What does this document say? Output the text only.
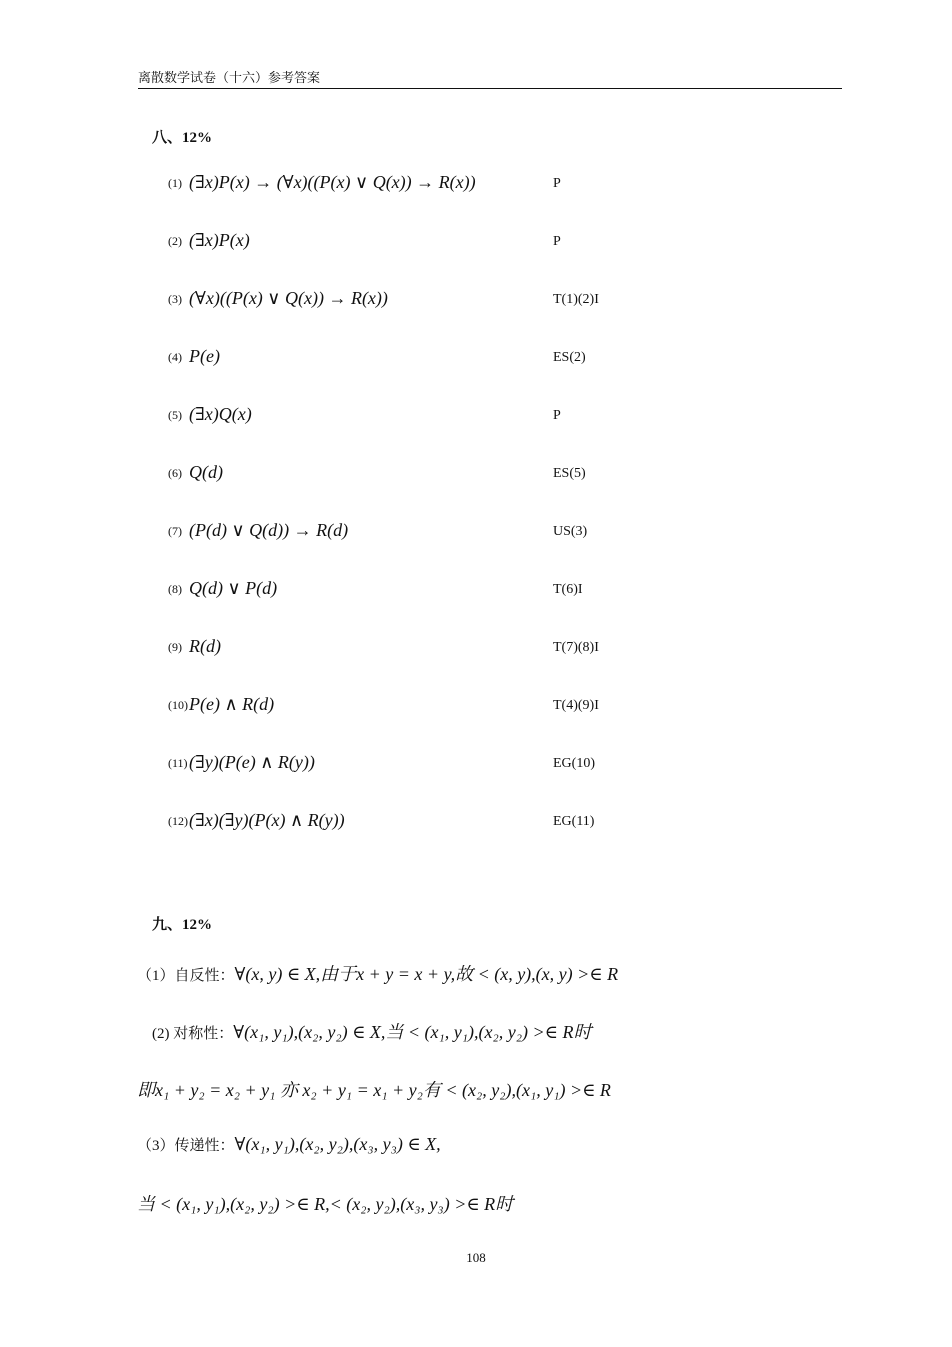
离散数学试卷（十六）参考答案
八、12%
(1) (∃x)P(x) → (∀x)((P(x) ∨ Q(x)) → R(x))	P
(2) (∃x)P(x)	P
(3) (∀x)((P(x) ∨ Q(x)) → R(x))	T(1)(2)I
(4) P(e)	ES(2)
(5) (∃x)Q(x)	P
(6) Q(d)	ES(5)
(7) (P(d) ∨ Q(d)) → R(d)	US(3)
(8) Q(d) ∨ P(d)	T(6)I
(9) R(d)	T(7)(8)I
(10) P(e) ∧ R(d)	T(4)(9)I
(11) (∃y)(P(e) ∧ R(y))	EG(10)
(12) (∃x)(∃y)(P(x) ∧ R(y))	EG(11)
九、12%
（1）自反性：∀(x, y) ∈ X,由于x + y = x + y,故 < (x, y),(x, y) >∈ R
(2) 对称性：∀(x₁, y₁),(x₂, y₂) ∈ X,当 < (x₁, y₁),(x₂, y₂) >∈ R时
即x₁ + y₂ = x₂ + y₁ 亦 x₂ + y₁ = x₁ + y₂有 < (x₂, y₂),(x₁, y₁) >∈ R
（3）传递性：∀(x₁, y₁),(x₂, y₂),(x₃, y₃) ∈ X,
当 < (x₁, y₁),(x₂, y₂) >∈ R,< (x₂, y₂),(x₃, y₃) >∈ R时
108
